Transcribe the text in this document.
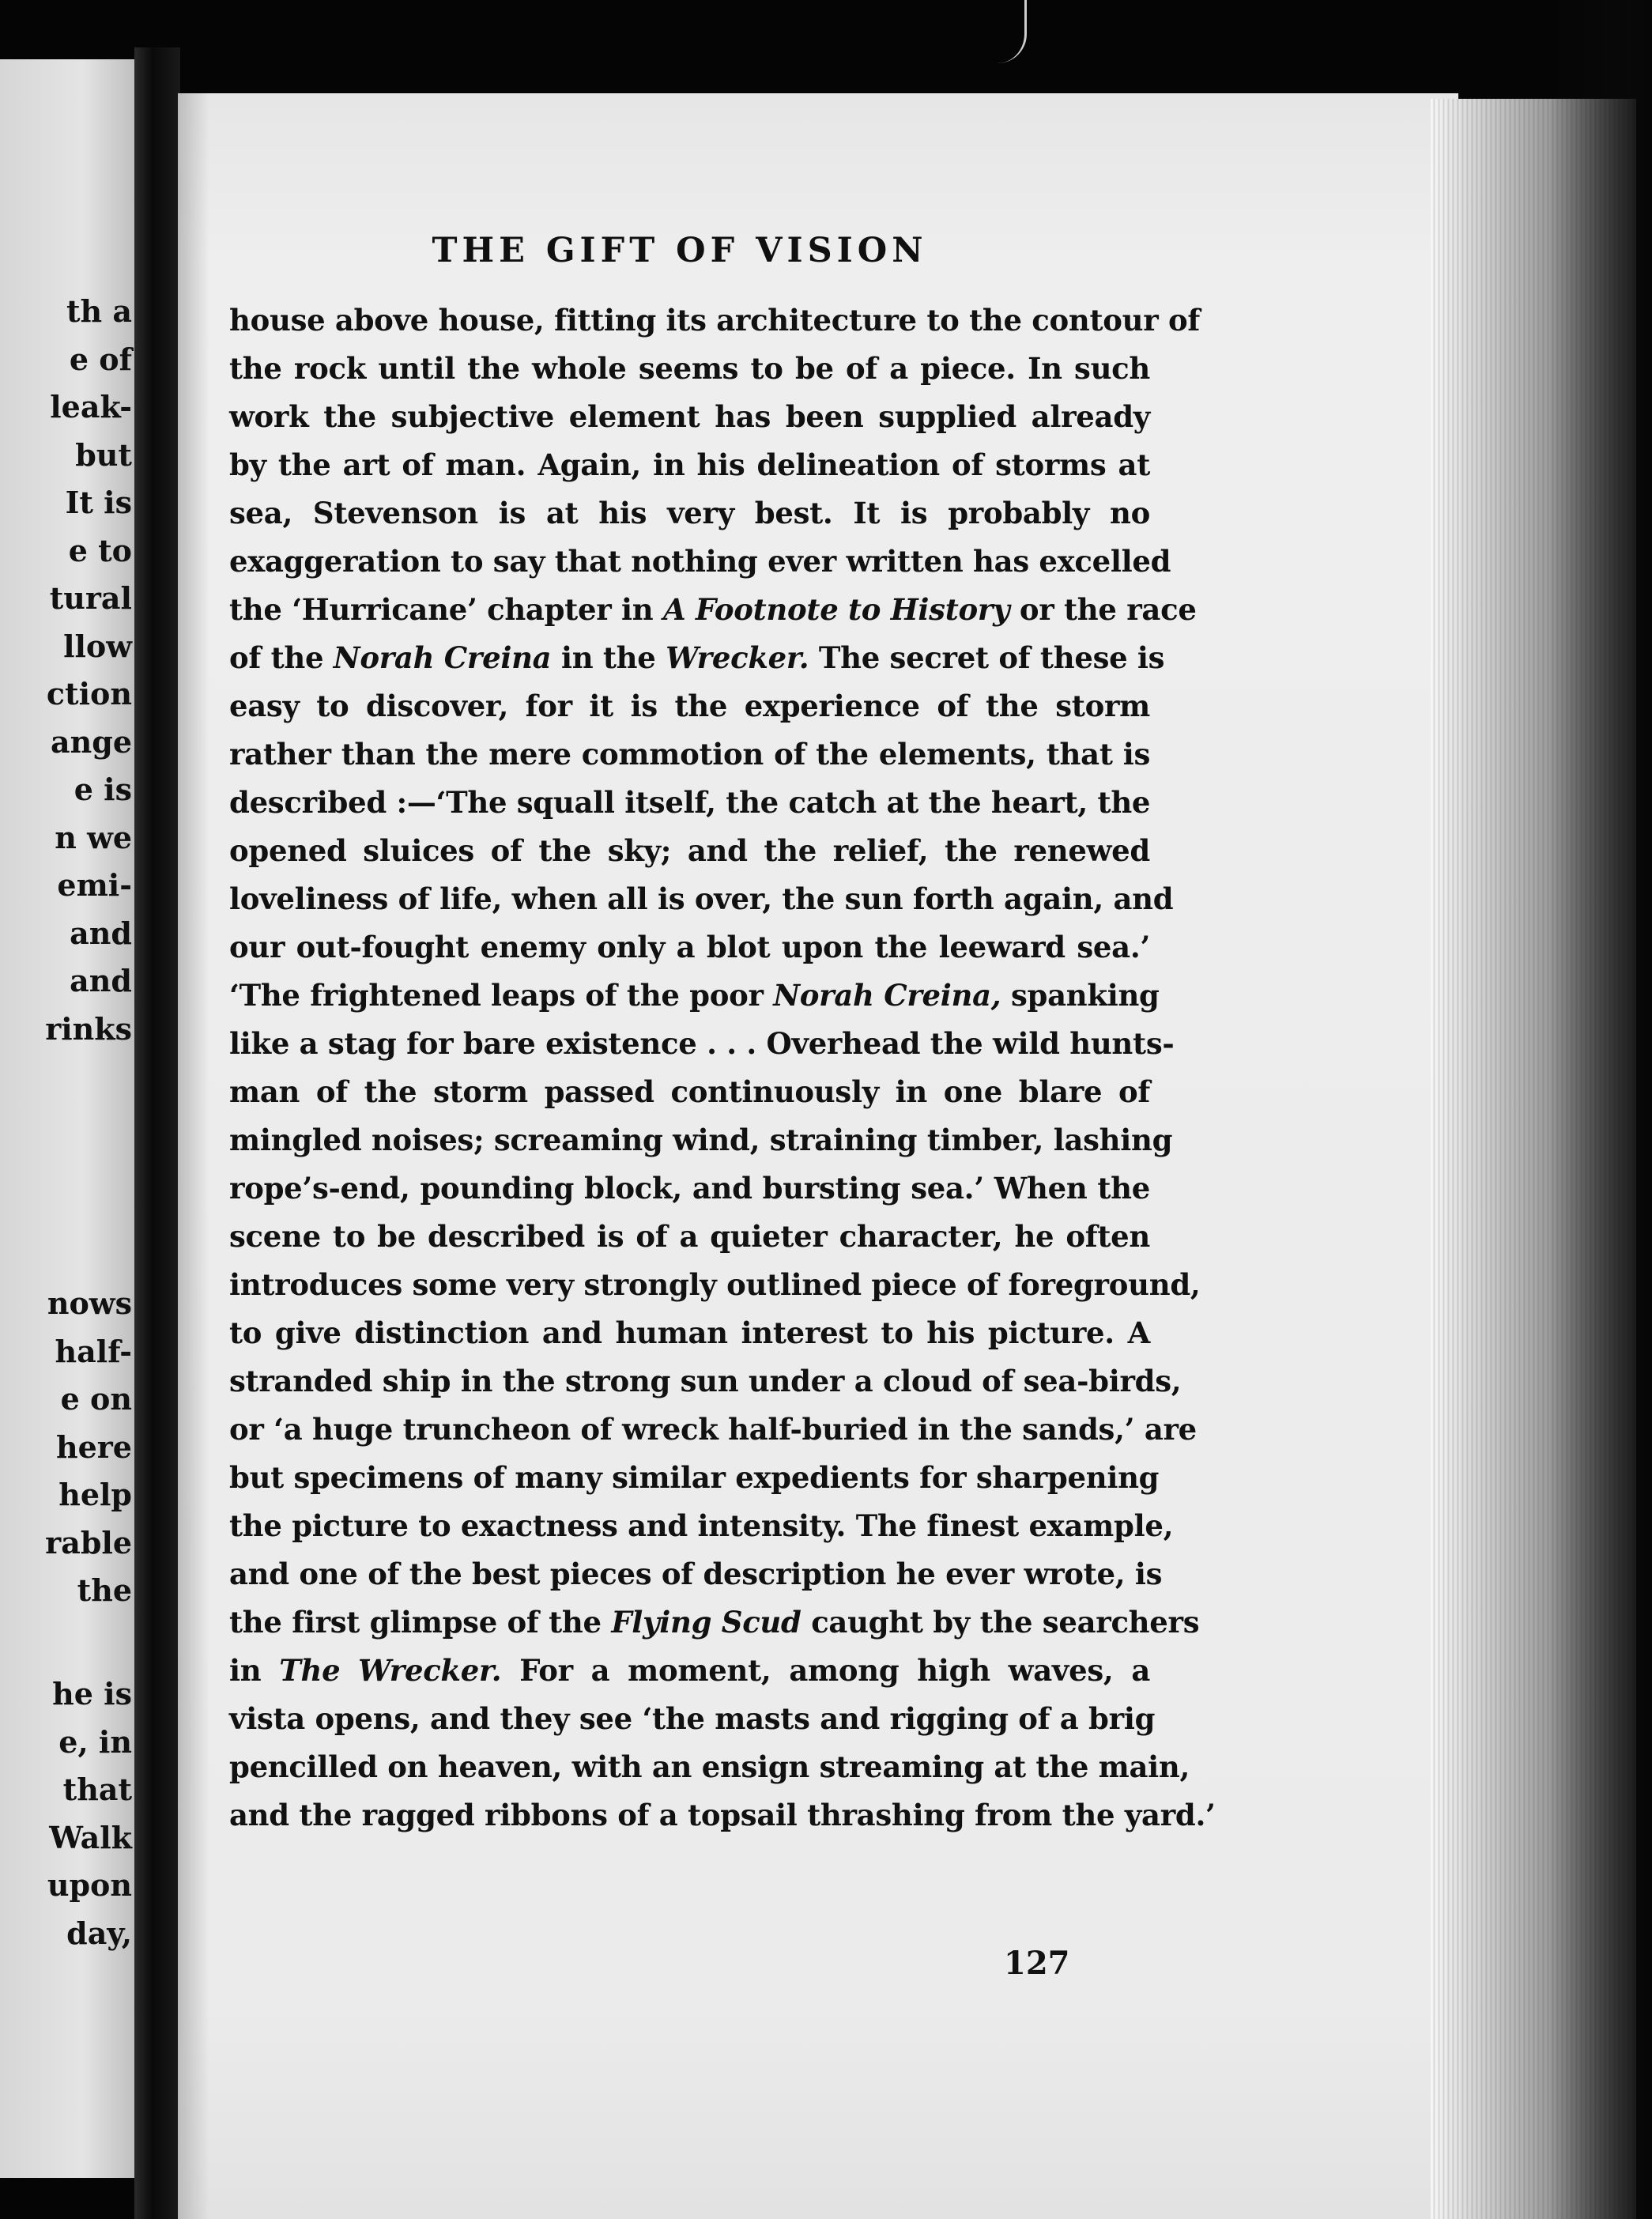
th a
e of
leak-
but
It is
e to
tural
llow
ction
ange
e is
n we
emi-
and
and
rinks
nows
half-
e on
here
help
rable
the
he is
e, in
that
Walk
upon
day,
THE GIFT OF VISION
house above house, fitting its architecture to the contour of
the rock until the whole seems to be of a piece. In such
work the subjective element has been supplied already
by the art of man. Again, in his delineation of storms at
sea, Stevenson is at his very best. It is probably no
exaggeration to say that nothing ever written has excelled
the ‘Hurricane’ chapter in A Footnote to History or the race
of the Norah Creina in the Wrecker. The secret of these is
easy to discover, for it is the experience of the storm
rather than the mere commotion of the elements, that is
described :—‘The squall itself, the catch at the heart, the
opened sluices of the sky; and the relief, the renewed
loveliness of life, when all is over, the sun forth again, and
our out-fought enemy only a blot upon the leeward sea.’
‘The frightened leaps of the poor Norah Creina, spanking
like a stag for bare existence . . . Overhead the wild hunts-
man of the storm passed continuously in one blare of
mingled noises; screaming wind, straining timber, lashing
rope’s-end, pounding block, and bursting sea.’ When the
scene to be described is of a quieter character, he often
introduces some very strongly outlined piece of foreground,
to give distinction and human interest to his picture. A
stranded ship in the strong sun under a cloud of sea-birds,
or ‘a huge truncheon of wreck half-buried in the sands,’ are
but specimens of many similar expedients for sharpening
the picture to exactness and intensity. The finest example,
and one of the best pieces of description he ever wrote, is
the first glimpse of the Flying Scud caught by the searchers
in The Wrecker. For a moment, among high waves, a
vista opens, and they see ‘the masts and rigging of a brig
pencilled on heaven, with an ensign streaming at the main,
and the ragged ribbons of a topsail thrashing from the yard.’
127
